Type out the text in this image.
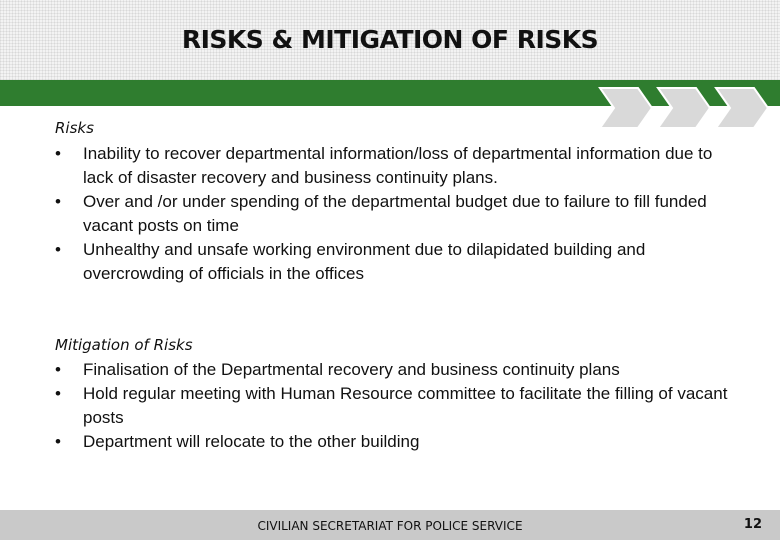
RISKS & MITIGATION OF RISKS
Risks
•	Inability to recover departmental information/loss of departmental information due to lack of disaster recovery and business continuity plans.
•	Over and /or under spending of the departmental budget due to failure to fill funded vacant posts on time
•	Unhealthy and unsafe working environment due to dilapidated building and overcrowding of officials in the offices
Mitigation of Risks
•	Finalisation of the Departmental recovery and business continuity plans
•	Hold regular meeting with Human Resource committee to facilitate the filling of vacant posts
•	Department will relocate to the other building
CIVILIAN SECRETARIAT FOR POLICE SERVICE	12
